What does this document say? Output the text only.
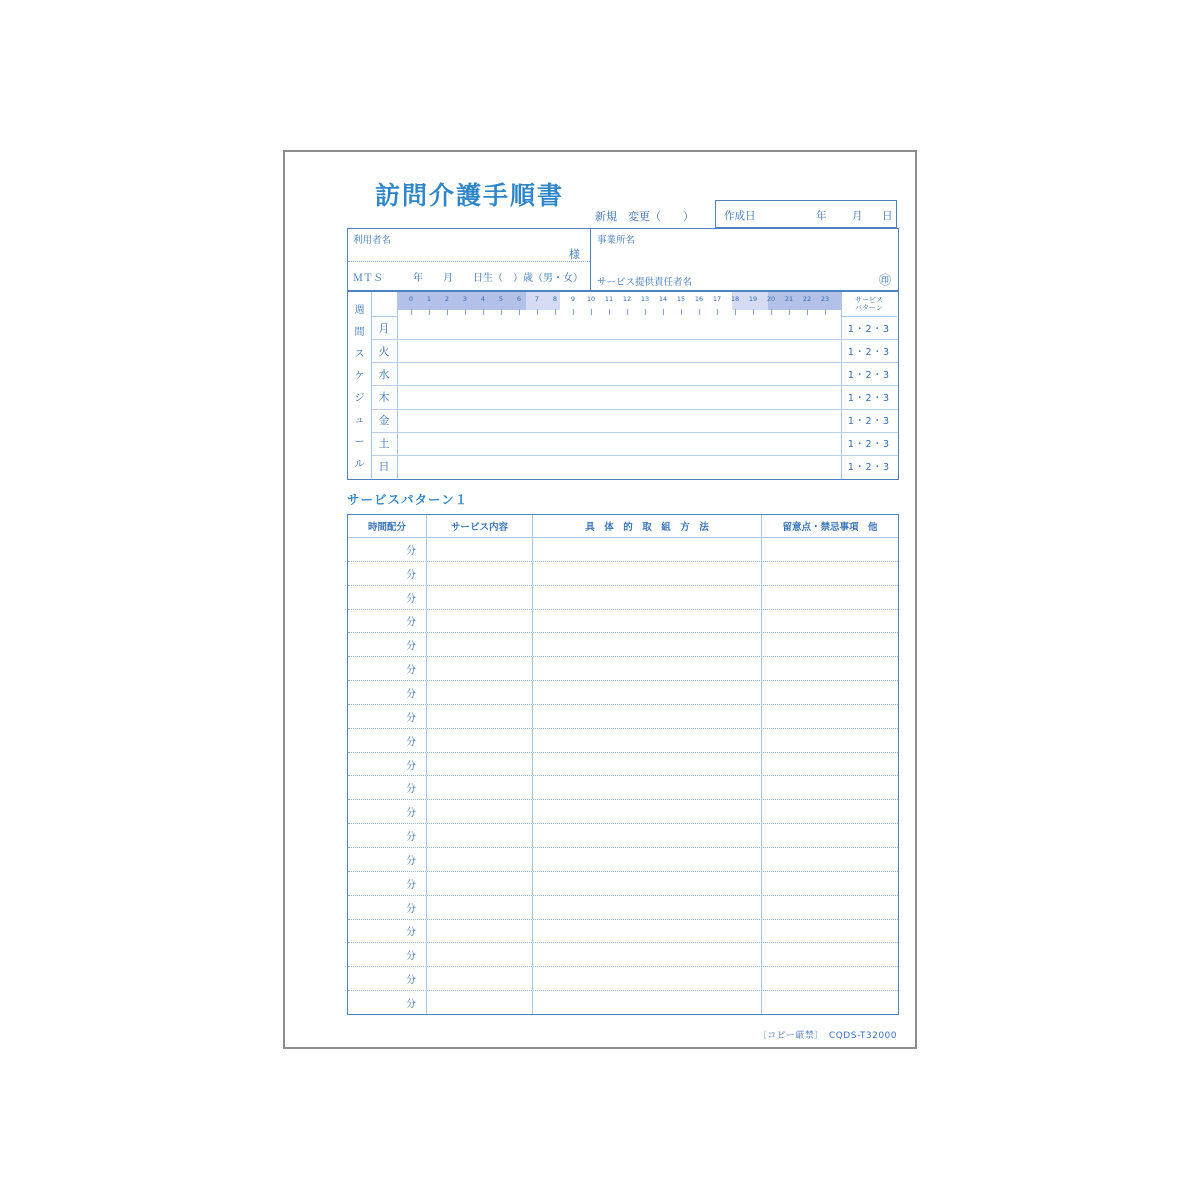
訪問介護手順書
新規　変更（　　）	作成日	年 月 日
利用者名
様
ＭＴＳ　　　年　　月　　日生（　）歳（男・女）
事業所名
サービス提供責任者名	㊞
週
間
ス
ケ
ジ
ュ
ー
ル
0 1 2 3 4 5 6 7 8 9 10 11 12 13 14 15 16 17 18 19 20 21 22 23	サービス
パターン
月	1・2・3
火	1・2・3
水	1・2・3
木	1・2・3
金	1・2・3
土	1・2・3
日	1・2・3
サービスパターン１
時間配分	サービス内容	具　体　的　取　組　方　法	留意点・禁忌事項　他
分
分
分
分
分
分
分
分
分
分
分
分
分
分
分
分
分
分
分
分
〔コピー厳禁〕　CQDS-T32000
